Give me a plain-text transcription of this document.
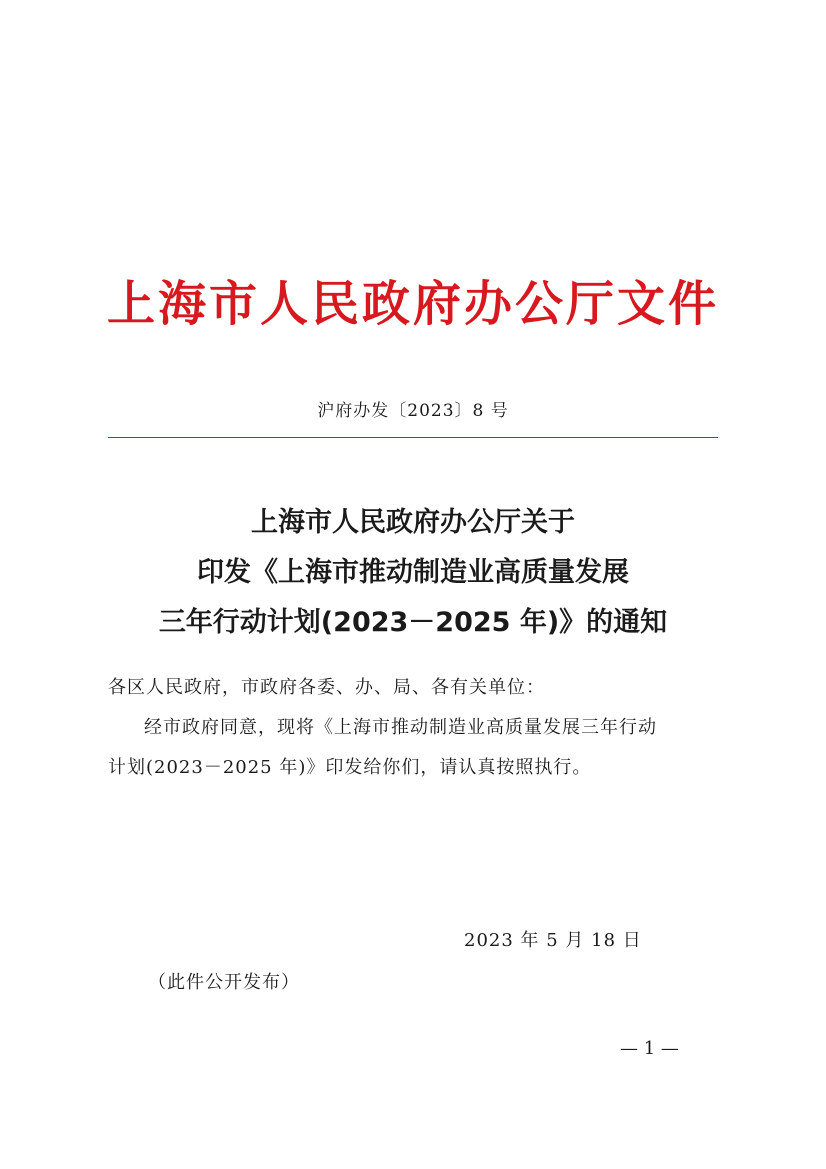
上海市人民政府办公厅文件
沪府办发〔2023〕8 号
上海市人民政府办公厅关于
印发《上海市推动制造业高质量发展
三年行动计划(2023－2025 年)》的通知
各区人民政府，市政府各委、办、局、各有关单位：
经市政府同意，现将《上海市推动制造业高质量发展三年行动
计划(2023－2025 年)》印发给你们，请认真按照执行。
2023 年 5 月 18 日
（此件公开发布）
— 1 —
